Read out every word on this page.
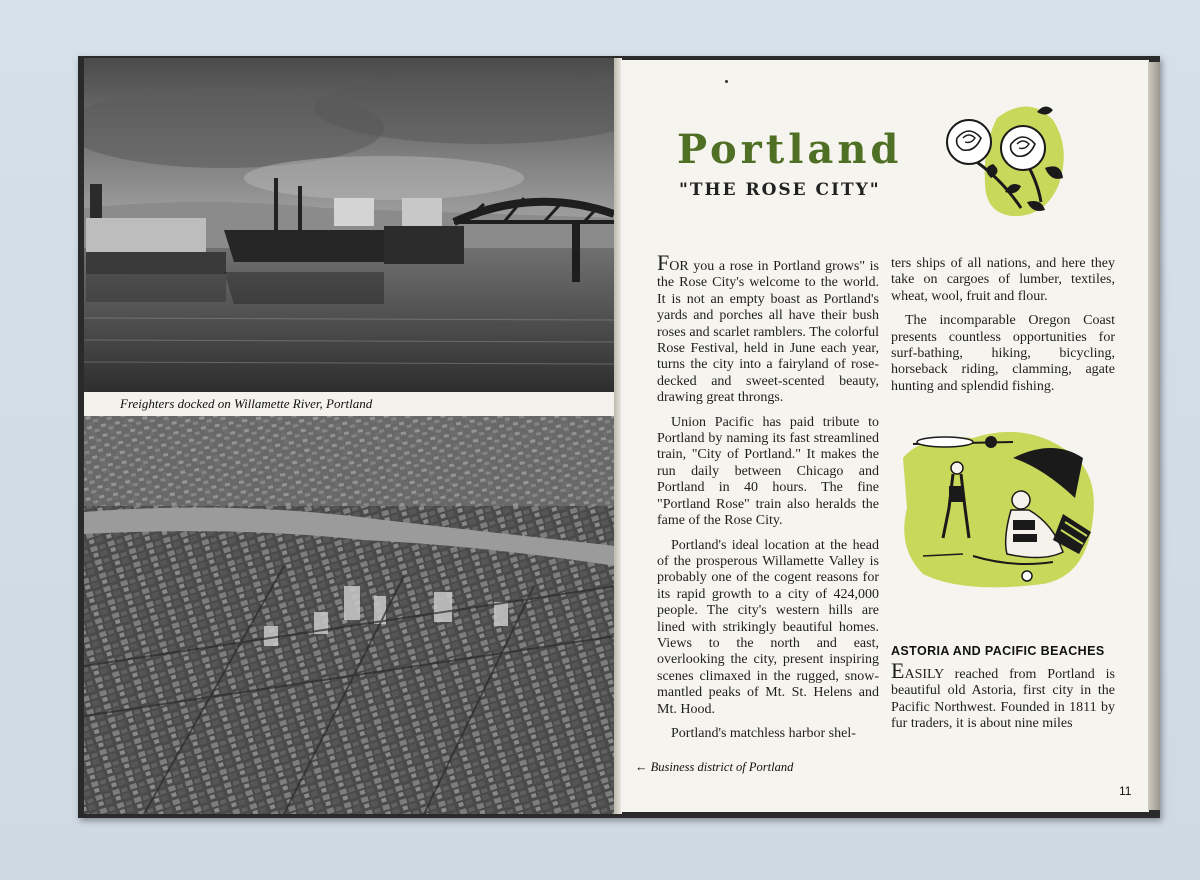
Freighters docked on Willamette River, Portland
Portland
"THE ROSE CITY"

FOR you a rose in Portland grows" is the Rose City's welcome to the world. It is not an empty boast as Portland's yards and porches all have their bush roses and scarlet ramblers. The colorful Rose Festival, held in June each year, turns the city into a fairyland of rose-decked and sweet-scented beauty, drawing great throngs.

Union Pacific has paid tribute to Portland by naming its fast streamlined train, "City of Portland." It makes the run daily between Chicago and Portland in 40 hours. The fine "Portland Rose" train also heralds the fame of the Rose City.

Portland's ideal location at the head of the prosperous Willamette Valley is probably one of the cogent reasons for its rapid growth to a city of 424,000 people. The city's western hills are lined with strikingly beautiful homes. Views to the north and east, overlooking the city, present inspiring scenes climaxed in the rugged, snow-mantled peaks of Mt. St. Helens and Mt. Hood.

Portland's matchless harbor shel-

ters ships of all nations, and here they take on cargoes of lumber, textiles, wheat, wool, fruit and flour.

The incomparable Oregon Coast presents countless opportunities for surf-bathing, hiking, bicycling, horseback riding, clamming, agate hunting and splendid fishing.

ASTORIA AND PACIFIC BEACHES
EASILY reached from Portland is beautiful old Astoria, first city in the Pacific Northwest. Founded in 1811 by fur traders, it is about nine miles
← Business district of Portland
11
